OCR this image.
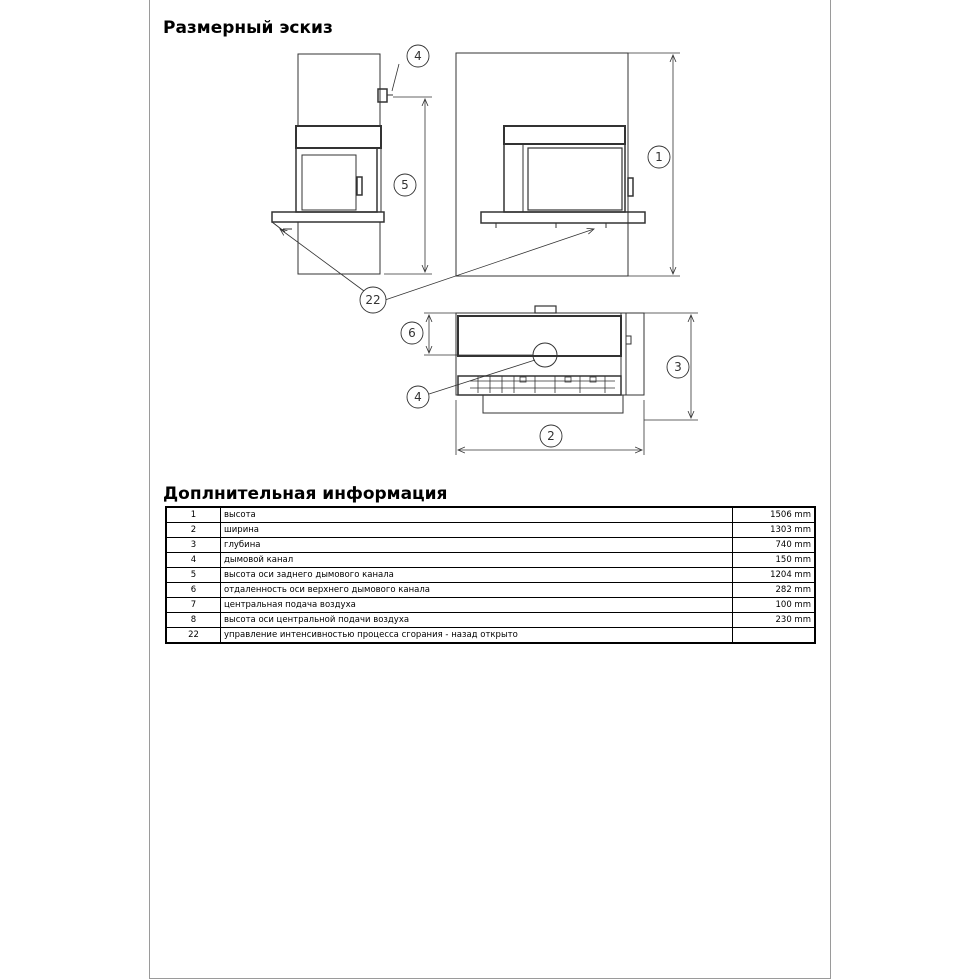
Размерный эскиз
4
5
1
22
6
3
4
2
Доплнительная информация
1	высота	1506 mm
2	ширина	1303 mm
3	глубина	740 mm
4	дымовой канал	150 mm
5	высота оси заднего дымового канала	1204 mm
6	отдаленность оси верхнего дымового канала	282 mm
7	центральная подача воздуха	100 mm
8	высота оси центральной подачи воздуха	230 mm
22	управление интенсивностью процесса сгорания - назад открыто	
